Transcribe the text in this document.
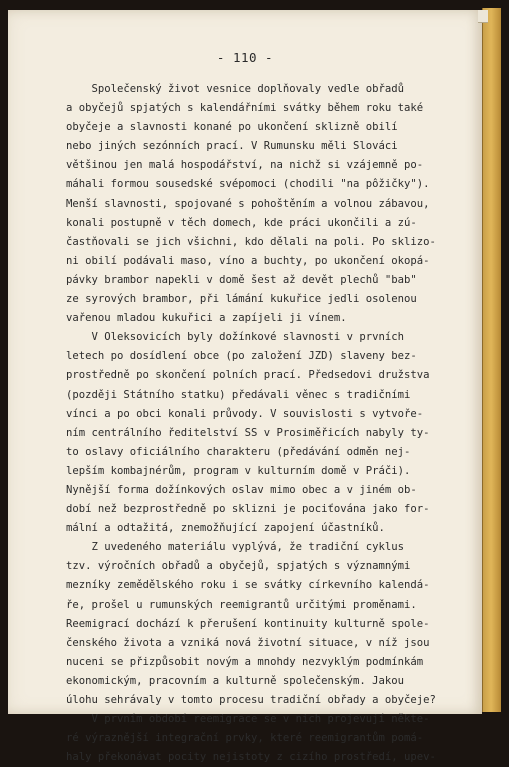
- 110 -
Společenský život vesnice doplňovaly vedle obřadů
a obyčejů spjatých s kalendářními svátky během roku také
obyčeje a slavnosti konané po ukončení sklizně obilí
nebo jiných sezónních prací. V Rumunsku měli Slováci
většinou jen malá hospodářství, na nichž si vzájemně po-
máhali formou sousedské svépomoci (chodili "na pôžičky").
Menší slavnosti, spojované s pohoštěním a volnou zábavou,
konali postupně v těch domech, kde práci ukončili a zú-
častňovali se jich všichni, kdo dělali na poli. Po sklizo-
ni obilí podávali maso, víno a buchty, po ukončení okopá-
pávky brambor napekli v domě šest až devět plechů "bab"
ze syrových brambor, při lámání kukuřice jedli osolenou
vařenou mladou kukuřici a zapíjeli ji vínem.
V Oleksovicích byly dožínkové slavnosti v prvních
letech po dosídlení obce (po založení JZD) slaveny bez-
prostředně po skončení polních prací. Předsedovi družstva
(později Státního statku) předávali věnec s tradičními
vínci a po obci konali průvody. V souvislosti s vytvoře-
ním centrálního ředitelství SS v Prosiměřicích nabyly ty-
to oslavy oficiálního charakteru (předávání odměn nej-
lepším kombajnérům, program v kulturním domě v Práči).
Nynější forma dožínkových oslav mimo obec a v jiném ob-
dobí než bezprostředně po sklizni je pociťována jako for-
mální a odtažitá, znemožňující zapojení účastníků.
Z uvedeného materiálu vyplývá, že tradiční cyklus
tzv. výročních obřadů a obyčejů, spjatých s významnými
mezníky zemědělského roku i se svátky církevního kalendá-
ře, prošel u rumunských reemigrantů určitými proměnami.
Reemigrací dochází k přerušení kontinuity kulturně spole-
čenského života a vzniká nová životní situace, v níž jsou
nuceni se přizpůsobit novým a mnohdy nezvyklým podmínkám
ekonomickým, pracovním a kulturně společenským. Jakou
úlohu sehrávaly v tomto procesu tradiční obřady a obyčeje?
V prvním období reemigrace se v nich projevují někte-
ré výraznější integrační prvky, které reemigrantům pomá-
haly překonávat pocity nejistoty z cizího prostředí, upev-
